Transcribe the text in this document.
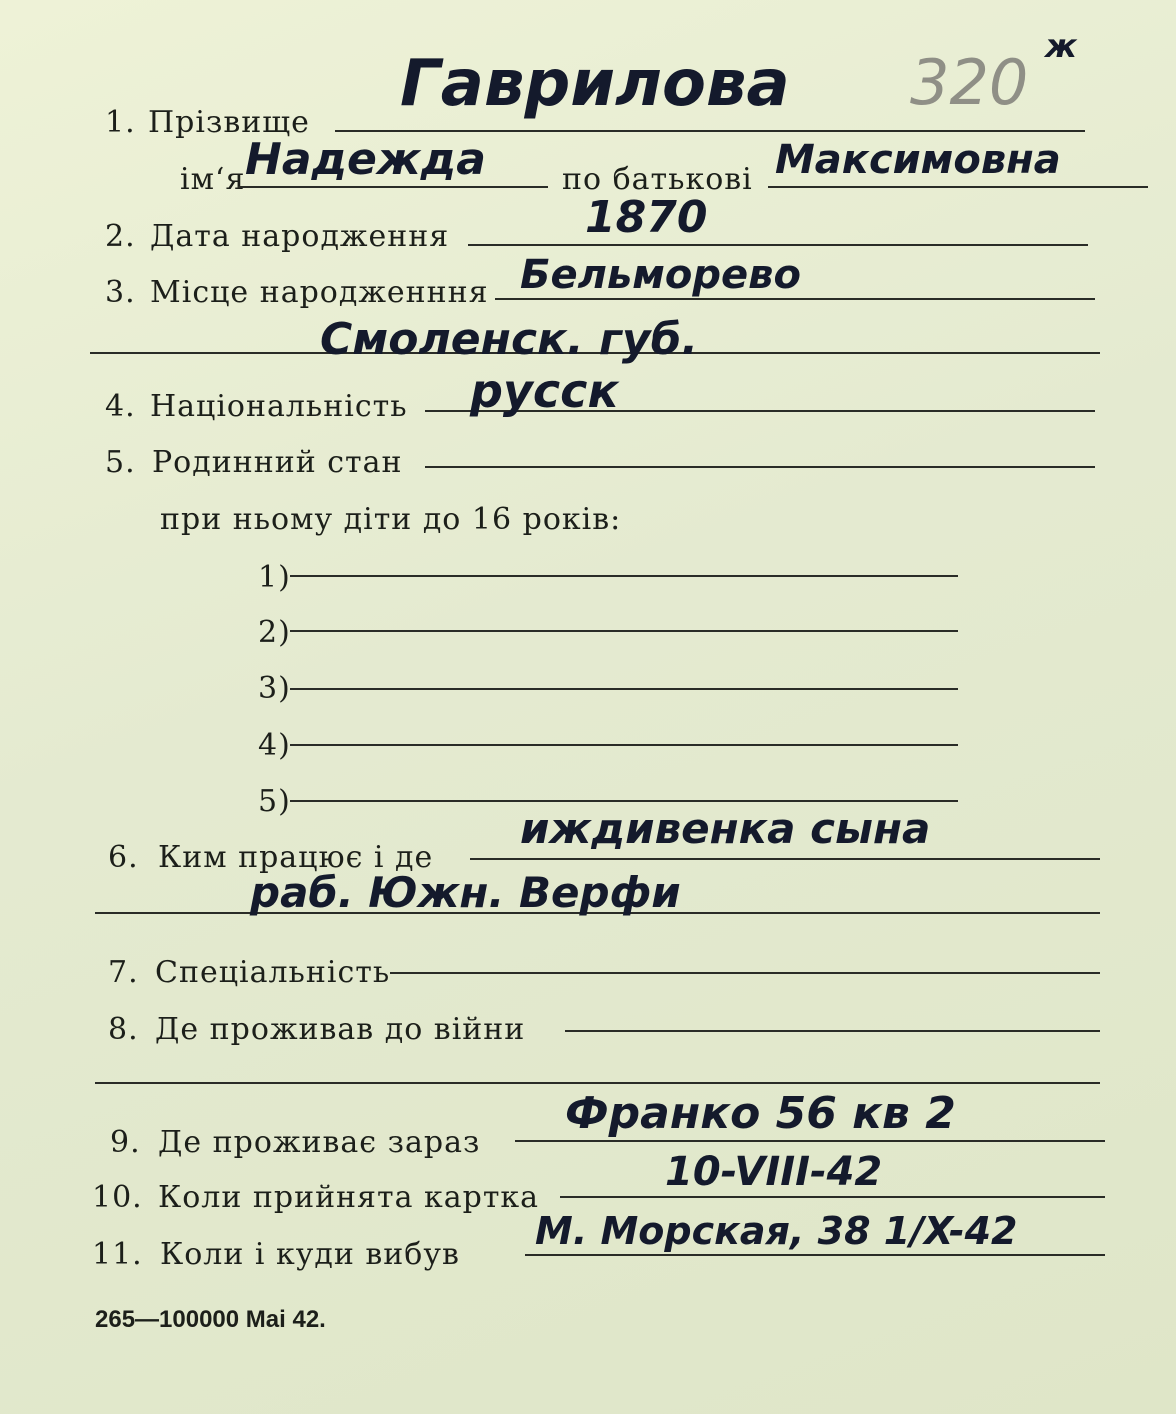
320 ж
1. Прізвище
Гаврилова
ім‘я Надежда	по батькові Максимовна
2. Дата народження	1870
3. Місце народженння Бельморево
Смоленск. губ.
4. Національність русск
5. Родинний стан
при ньому діти до 16 років:
1)
2)
3)
4)
5)
6. Ким працює і де
иждивенка сына
раб. Южн. Верфи
7. Спеціальність
8. Де проживав до війни
9. Де проживає зараз
Франко 56 кв 2
10. Коли прийнята картка
10-VIII-42
11. Коли і куди вибув
М. Морская, 38 1/X-42
265—100000 Mai 42.
